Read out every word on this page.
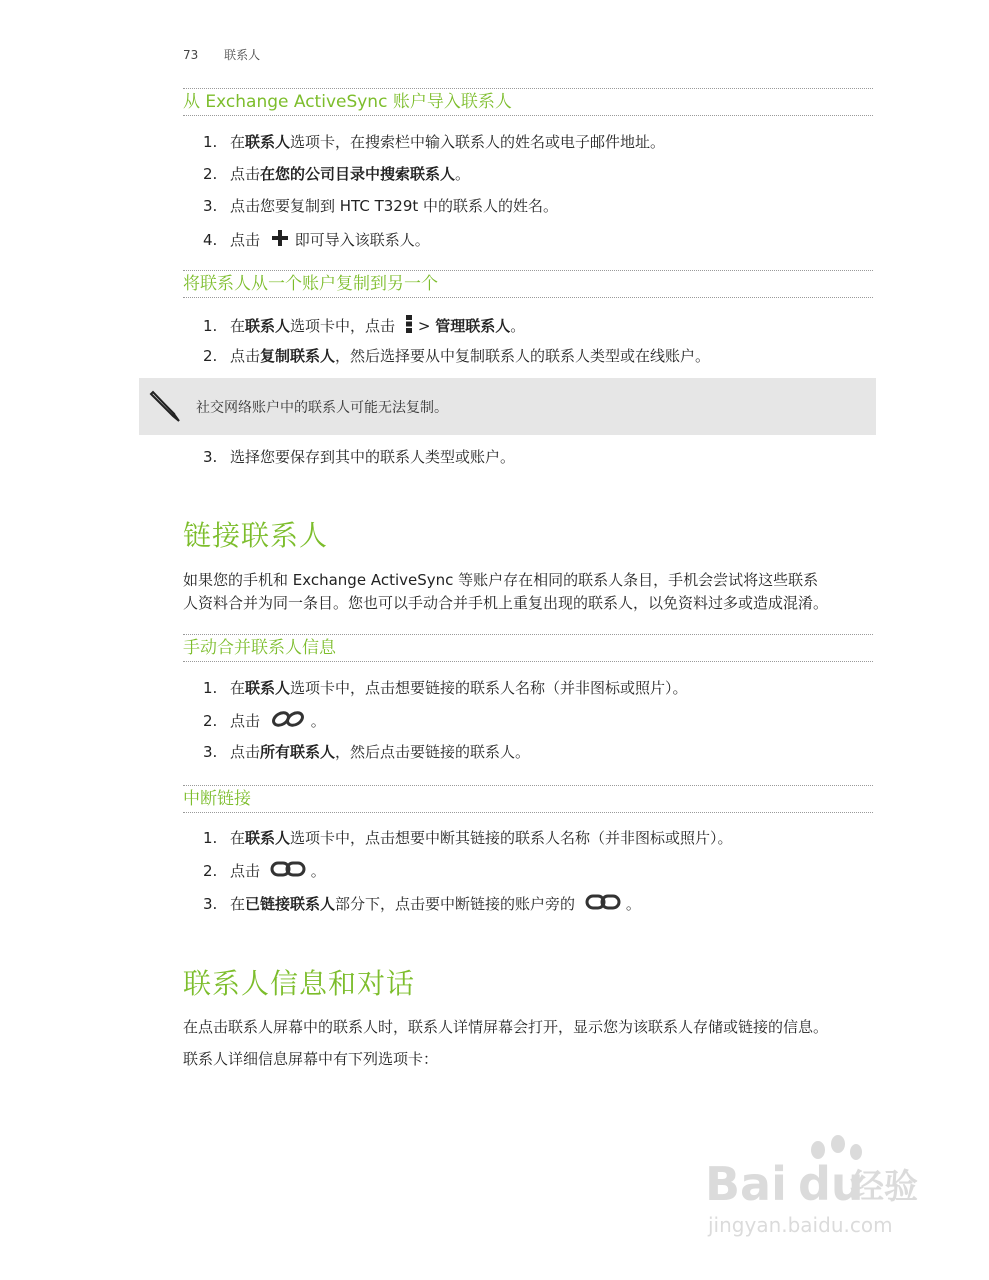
73 联系人
从 Exchange ActiveSync 账户导入联系人
1. 在联系人选项卡，在搜索栏中输入联系人的姓名或电子邮件地址。
2. 点击在您的公司目录中搜索联系人。
3. 点击您要复制到 HTC T329t 中的联系人的姓名。
4. 点击 即可导入该联系人。
将联系人从一个账户复制到另一个
1. 在联系人选项卡中，点击 > 管理联系人。
2. 点击复制联系人，然后选择要从中复制联系人的联系人类型或在线账户。
社交网络账户中的联系人可能无法复制。
3. 选择您要保存到其中的联系人类型或账户。
链接联系人
如果您的手机和 Exchange ActiveSync 等账户存在相同的联系人条目，手机会尝试将这些联系
人资料合并为同一条目。您也可以手动合并手机上重复出现的联系人，以免资料过多或造成混淆。
手动合并联系人信息
1. 在联系人选项卡中，点击想要链接的联系人名称（并非图标或照片）。
2. 点击	。
3. 点击所有联系人，然后点击要链接的联系人。
中断链接
1. 在联系人选项卡中，点击想要中断其链接的联系人名称（并非图标或照片）。
2. 点击	。
3. 在已链接联系人部分下，点击要中断链接的账户旁的	。
联系人信息和对话
在点击联系人屏幕中的联系人时，联系人详情屏幕会打开，显示您为该联系人存储或链接的信息。
联系人详细信息屏幕中有下列选项卡：
Bai du
经验
jingyan.baidu.com
